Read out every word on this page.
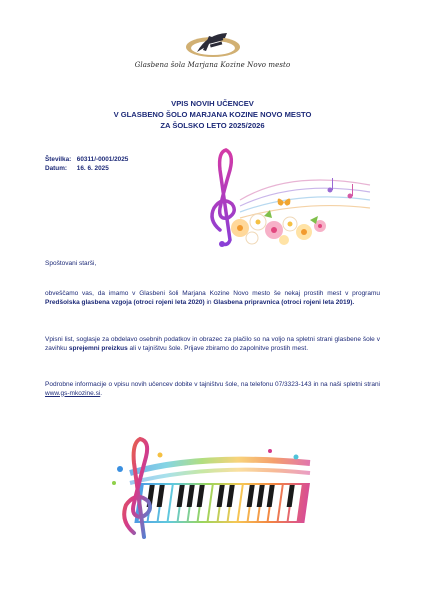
Glasbena šola Marjana Kozine Novo mesto
VPIS NOVIH UČENCEV
V GLASBENO ŠOLO MARJANA KOZINE NOVO MESTO
ZA ŠOLSKO LETO 2025/2026
Številka: 60311/-0001/2025
Datum: 16. 6. 2025
Spoštovani starši,
obveščamo vas, da imamo v Glasbeni šoli Marjana Kozine Novo mesto še nekaj prostih mest v programu Predšolska glasbena vzgoja (otroci rojeni leta 2020) in Glasbena pripravnica (otroci rojeni leta 2019).
Vpisni list, soglasje za obdelavo osebnih podatkov in obrazec za plačilo so na voljo na spletni strani glasbene šole v zavihku sprejemni preizkus ali v tajništvu šole. Prijave zbiramo do zapolnitve prostih mest.
Podrobne informacije o vpisu novih učencev dobite v tajništvu šole, na telefonu 07/3323-143 in na naši spletni strani www.gs-mkozine.si.
